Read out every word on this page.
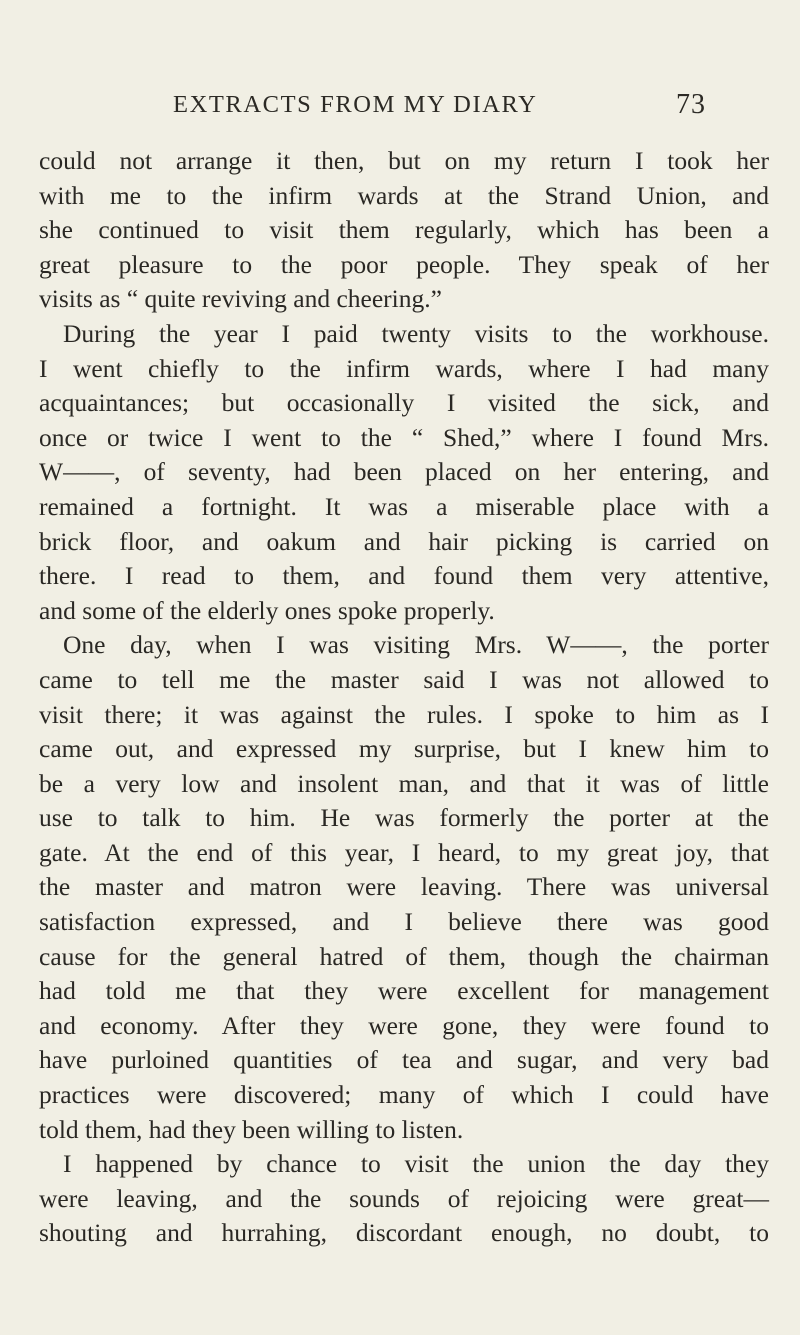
EXTRACTS FROM MY DIARY	73
could not arrange it then, but on my return I took her
with me to the infirm wards at the Strand Union, and
she continued to visit them regularly, which has been a
great pleasure to the poor people. They speak of her
visits as “ quite reviving and cheering.”
During the year I paid twenty visits to the workhouse.
I went chiefly to the infirm wards, where I had many
acquaintances; but occasionally I visited the sick, and
once or twice I went to the “ Shed,” where I found Mrs.
W——, of seventy, had been placed on her entering, and
remained a fortnight. It was a miserable place with a
brick floor, and oakum and hair picking is carried on
there. I read to them, and found them very attentive,
and some of the elderly ones spoke properly.
One day, when I was visiting Mrs. W——, the porter
came to tell me the master said I was not allowed to
visit there; it was against the rules. I spoke to him as I
came out, and expressed my surprise, but I knew him to
be a very low and insolent man, and that it was of little
use to talk to him. He was formerly the porter at the
gate. At the end of this year, I heard, to my great joy, that
the master and matron were leaving. There was universal
satisfaction expressed, and I believe there was good
cause for the general hatred of them, though the chairman
had told me that they were excellent for management
and economy. After they were gone, they were found to
have purloined quantities of tea and sugar, and very bad
practices were discovered; many of which I could have
told them, had they been willing to listen.
I happened by chance to visit the union the day they
were leaving, and the sounds of rejoicing were great—
shouting and hurrahing, discordant enough, no doubt, to
